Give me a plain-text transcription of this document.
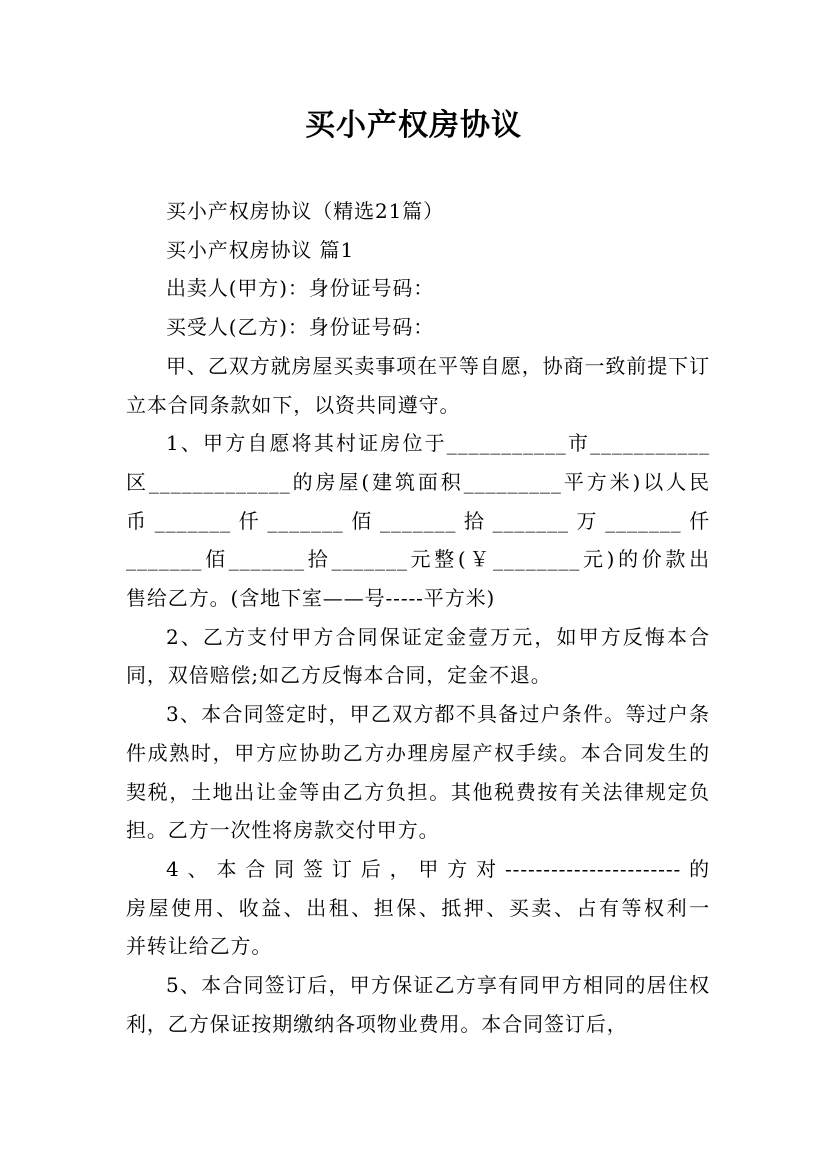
买小产权房协议

买小产权房协议（精选21篇）

买小产权房协议 篇1

出卖人(甲方)：身份证号码：

买受人(乙方)：身份证号码：

甲、乙双方就房屋买卖事项在平等自愿，协商一致前提下订立本合同条款如下，以资共同遵守。

1、甲方自愿将其村证房位于___________市___________

区_____________的房屋(建筑面积_________平方米)以人民

币 _______ 仟 _______ 佰 _______ 拾 _______ 万 _______ 仟

_______佰_______拾_______元整(￥________元)的价款出

售给乙方。(含地下室——号-----平方米)

2、乙方支付甲方合同保证定金壹万元，如甲方反悔本合同，双倍赔偿;如乙方反悔本合同，定金不退。

3、本合同签定时，甲乙双方都不具备过户条件。等过户条件成熟时，甲方应协助乙方办理房屋产权手续。本合同发生的契税，土地出让金等由乙方负担。其他税费按有关法律规定负担。乙方一次性将房款交付甲方。

4、本合同签订后，甲方对-----------------------的

房屋使用、收益、出租、担保、抵押、买卖、占有等权利一

并转让给乙方。

5、本合同签订后，甲方保证乙方享有同甲方相同的居住权利，乙方保证按期缴纳各项物业费用。本合同签订后，
